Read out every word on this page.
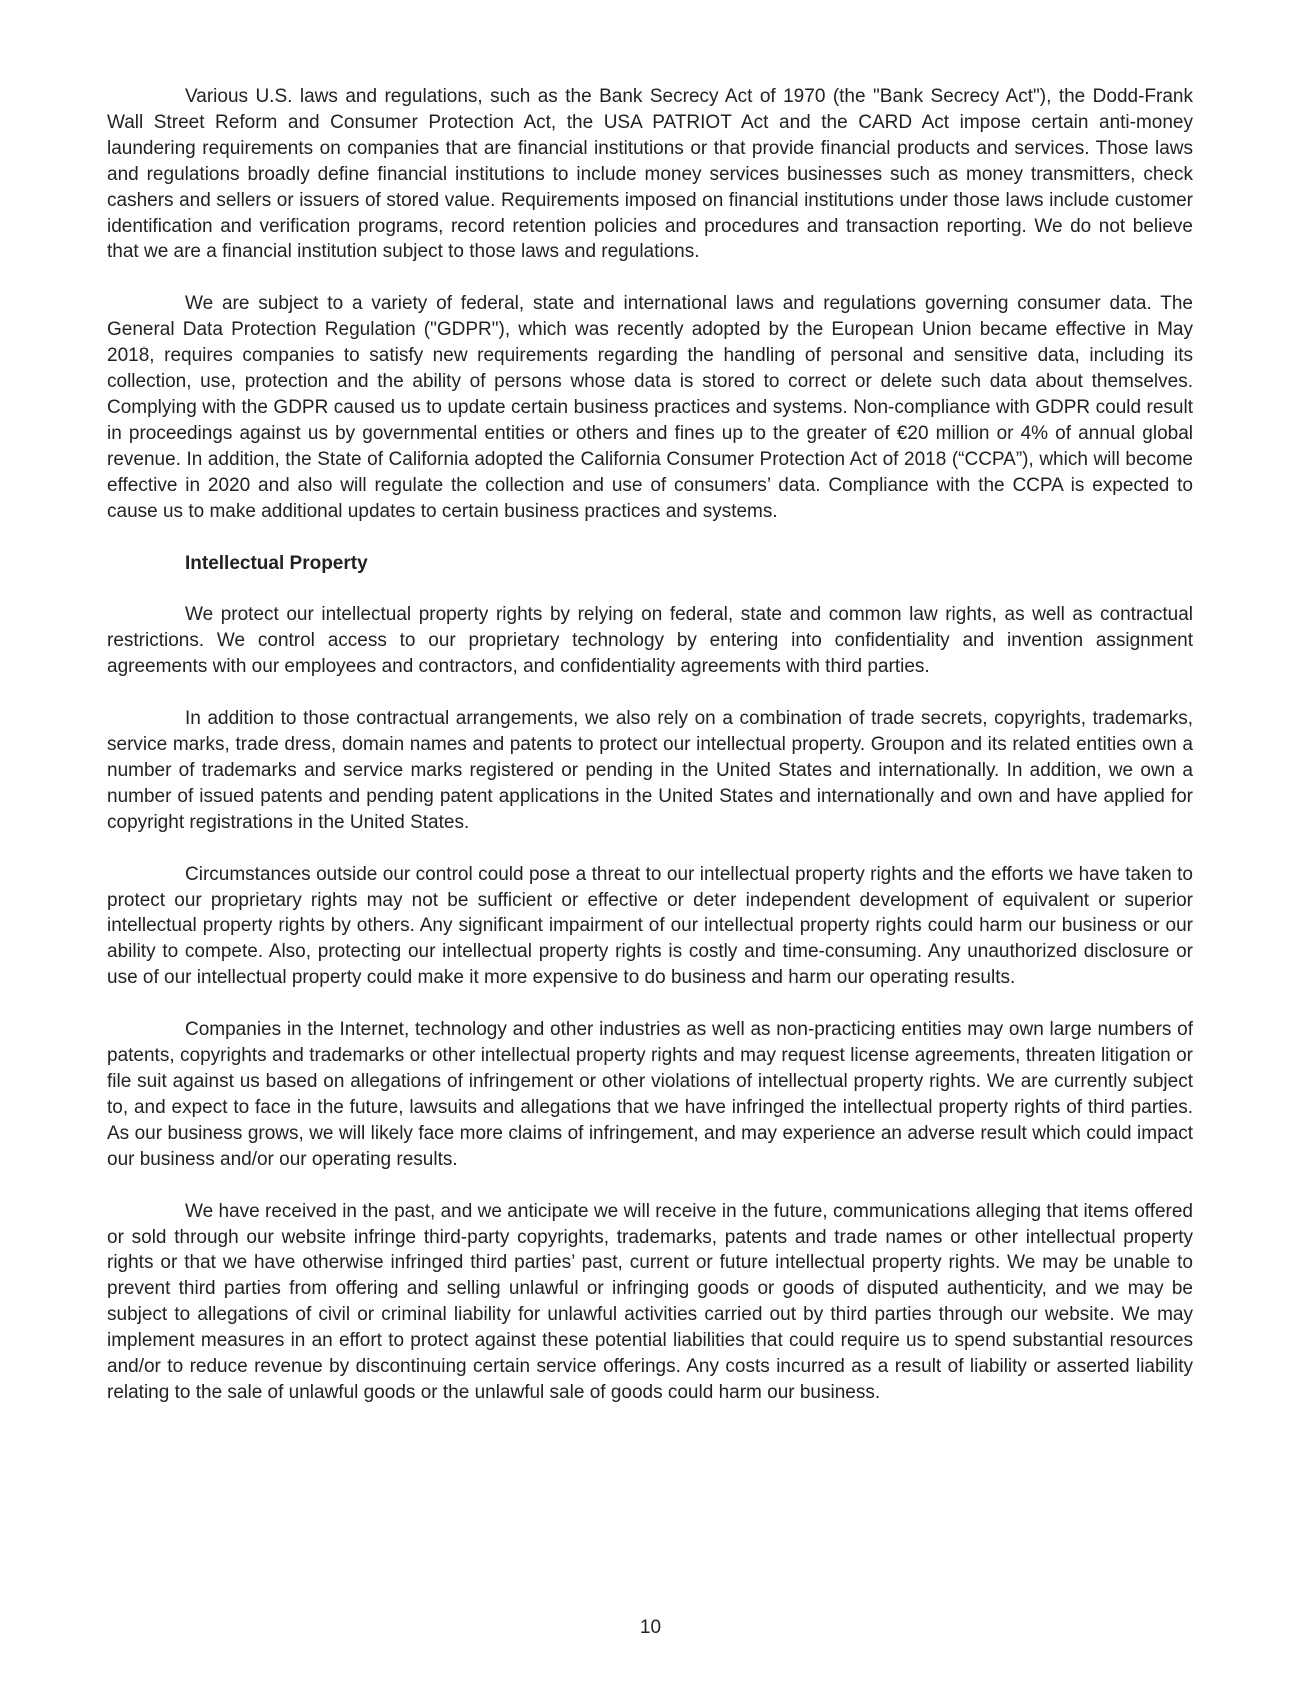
Various U.S. laws and regulations, such as the Bank Secrecy Act of 1970 (the "Bank Secrecy Act"), the Dodd-Frank Wall Street Reform and Consumer Protection Act, the USA PATRIOT Act and the CARD Act impose certain anti-money laundering requirements on companies that are financial institutions or that provide financial products and services. Those laws and regulations broadly define financial institutions to include money services businesses such as money transmitters, check cashers and sellers or issuers of stored value. Requirements imposed on financial institutions under those laws include customer identification and verification programs, record retention policies and procedures and transaction reporting. We do not believe that we are a financial institution subject to those laws and regulations.

We are subject to a variety of federal, state and international laws and regulations governing consumer data. The General Data Protection Regulation ("GDPR"), which was recently adopted by the European Union became effective in May 2018, requires companies to satisfy new requirements regarding the handling of personal and sensitive data, including its collection, use, protection and the ability of persons whose data is stored to correct or delete such data about themselves. Complying with the GDPR caused us to update certain business practices and systems. Non-compliance with GDPR could result in proceedings against us by governmental entities or others and fines up to the greater of €20 million or 4% of annual global revenue. In addition, the State of California adopted the California Consumer Protection Act of 2018 (“CCPA”), which will become effective in 2020 and also will regulate the collection and use of consumers’ data. Compliance with the CCPA is expected to cause us to make additional updates to certain business practices and systems.

Intellectual Property

We protect our intellectual property rights by relying on federal, state and common law rights, as well as contractual restrictions. We control access to our proprietary technology by entering into confidentiality and invention assignment agreements with our employees and contractors, and confidentiality agreements with third parties.

In addition to those contractual arrangements, we also rely on a combination of trade secrets, copyrights, trademarks, service marks, trade dress, domain names and patents to protect our intellectual property. Groupon and its related entities own a number of trademarks and service marks registered or pending in the United States and internationally. In addition, we own a number of issued patents and pending patent applications in the United States and internationally and own and have applied for copyright registrations in the United States.

Circumstances outside our control could pose a threat to our intellectual property rights and the efforts we have taken to protect our proprietary rights may not be sufficient or effective or deter independent development of equivalent or superior intellectual property rights by others. Any significant impairment of our intellectual property rights could harm our business or our ability to compete. Also, protecting our intellectual property rights is costly and time-consuming. Any unauthorized disclosure or use of our intellectual property could make it more expensive to do business and harm our operating results.

Companies in the Internet, technology and other industries as well as non-practicing entities may own large numbers of patents, copyrights and trademarks or other intellectual property rights and may request license agreements, threaten litigation or file suit against us based on allegations of infringement or other violations of intellectual property rights. We are currently subject to, and expect to face in the future, lawsuits and allegations that we have infringed the intellectual property rights of third parties. As our business grows, we will likely face more claims of infringement, and may experience an adverse result which could impact our business and/or our operating results.

We have received in the past, and we anticipate we will receive in the future, communications alleging that items offered or sold through our website infringe third-party copyrights, trademarks, patents and trade names or other intellectual property rights or that we have otherwise infringed third parties’ past, current or future intellectual property rights. We may be unable to prevent third parties from offering and selling unlawful or infringing goods or goods of disputed authenticity, and we may be subject to allegations of civil or criminal liability for unlawful activities carried out by third parties through our website. We may implement measures in an effort to protect against these potential liabilities that could require us to spend substantial resources and/or to reduce revenue by discontinuing certain service offerings. Any costs incurred as a result of liability or asserted liability relating to the sale of unlawful goods or the unlawful sale of goods could harm our business.

10
